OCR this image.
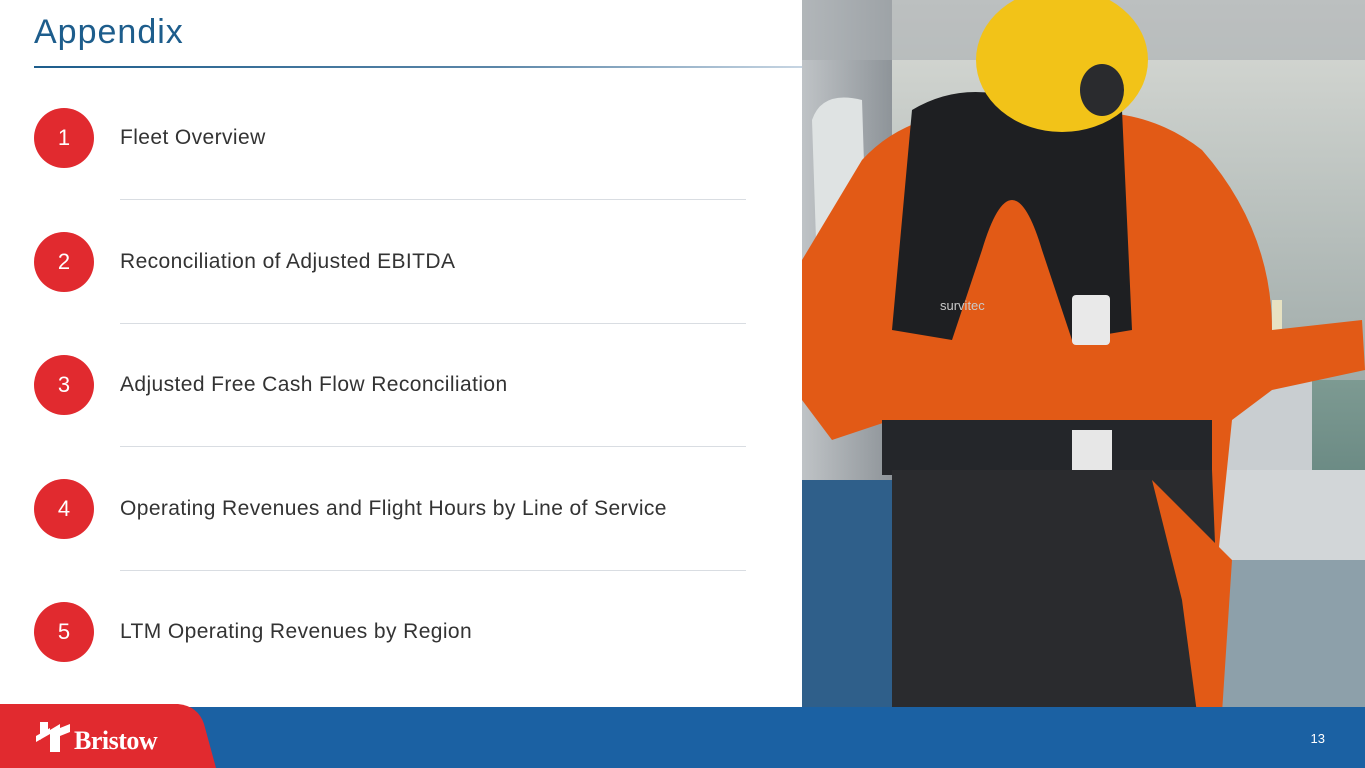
Appendix
1	Fleet Overview
2	Reconciliation of Adjusted EBITDA
3	Adjusted Free Cash Flow Reconciliation
4	Operating Revenues and Flight Hours by Line of Service
5	LTM Operating Revenues by Region
survitec
Bristow	13
